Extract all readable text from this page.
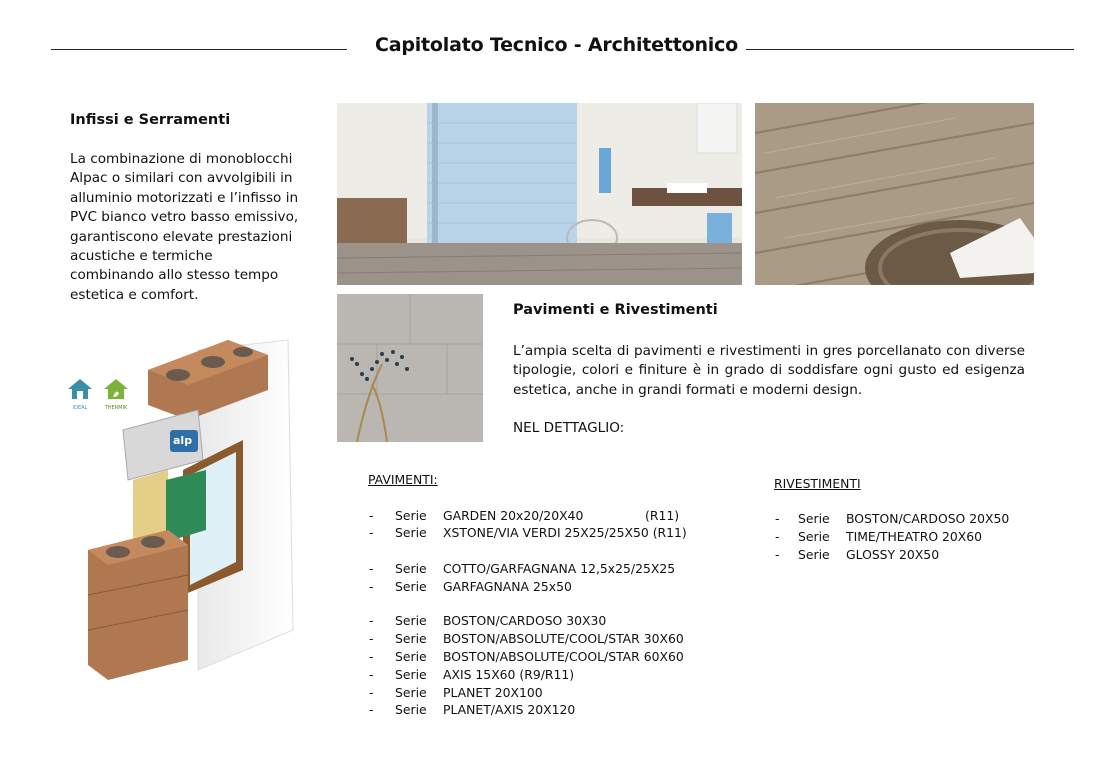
Capitolato Tecnico - Architettonico
Infissi e Serramenti
La combinazione di monoblocchi
Alpac o similari con avvolgibili in
alluminio motorizzati e l’infisso in
PVC bianco vetro basso emissivo,
garantiscono elevate prestazioni
acustiche e termiche
combinando allo stesso tempo
estetica e comfort.
IDEAL	THERMIK
alp
Pavimenti e Rivestimenti
L’ampia scelta di pavimenti e rivestimenti in gres porcellanato con diverse
tipologie, colori e finiture è in grado di soddisfare ogni gusto ed esigenza
estetica, anche in grandi formati e moderni design.
NEL DETTAGLIO:
PAVIMENTI:
- Serie GARDEN 20x20/20X40	(R11)
- Serie XSTONE/VIA VERDI 25X25/25X50 (R11)
- Serie COTTO/GARFAGNANA 12,5x25/25X25
- Serie GARFAGNANA 25x50
- Serie BOSTON/CARDOSO 30X30
- Serie BOSTON/ABSOLUTE/COOL/STAR 30X60
- Serie BOSTON/ABSOLUTE/COOL/STAR 60X60
- Serie AXIS 15X60 (R9/R11)
- Serie PLANET 20X100
- Serie PLANET/AXIS 20X120
RIVESTIMENTI
- Serie BOSTON/CARDOSO 20X50
- Serie TIME/THEATRO 20X60
- Serie GLOSSY 20X50
